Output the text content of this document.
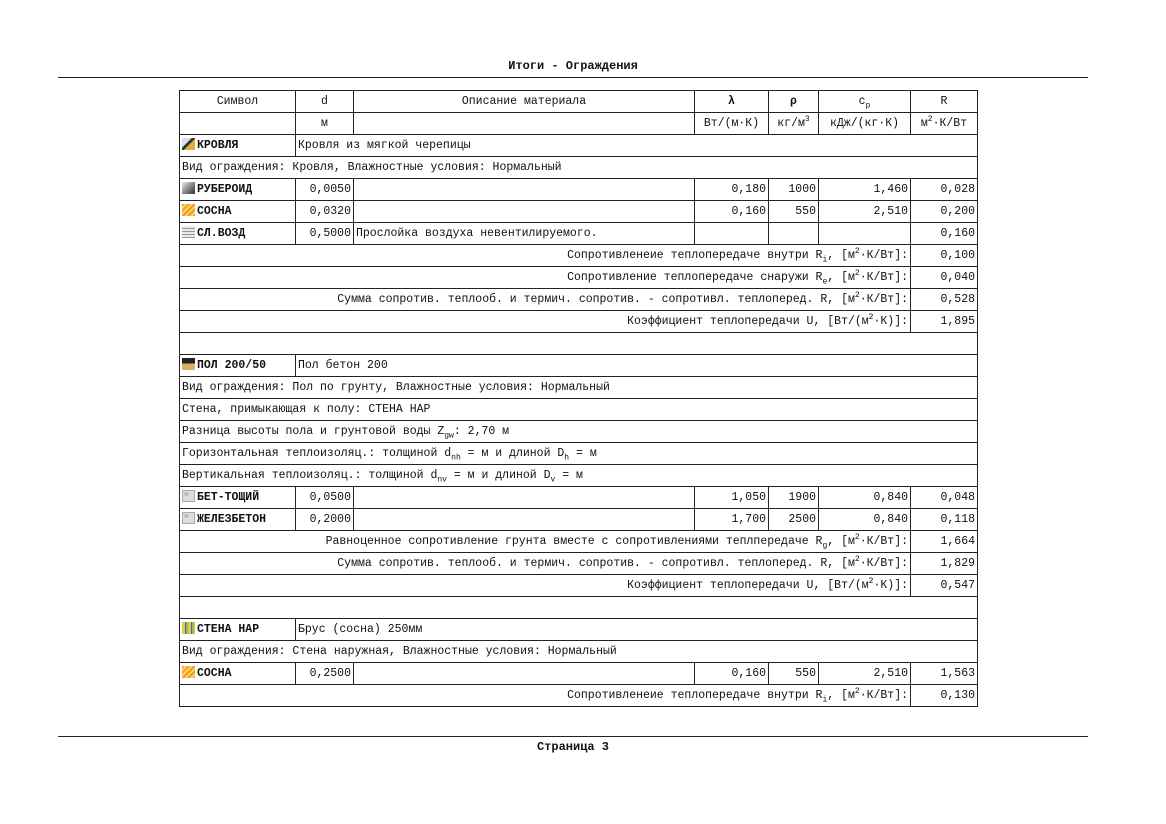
Итоги - Ограждения
Символ	d	Описание материала	λ	ρ	$c_p$	R
	м		Вт/(м·К)	$кг/м^3$	кДж/(кг·К)	$м^2\cdot К/Вт$
КРОВЛЯ	Кровля из мягкой черепицы					
Вид ограждения: Кровля, Влажностные условия: Нормальный						
РУБЕРОИД	0,0050		0,180	1000	1,460	0,028
СОСНА	0,0320		0,160	550	2,510	0,200
СЛ.ВОЗД	0,5000	Прослойка воздуха невентилируемого.				0,160
Сопротивленеие теплопередаче внутри $R_i$, $[м^2\cdot К/Вт]$:						0,100
Сопротивление теплопередаче снаружи $R_e$, $[м^2\cdot К/Вт]$:						0,040
Сумма сопротив. теплооб. и термич. сопротив. - сопротивл. теплоперед. R, $[м^2\cdot К/Вт]$:						0,528
Коэффициент теплопередачи U, $[Вт/(м^2\cdot К)]$:						1,895

ПОЛ 200/50	Пол бетон 200					
Вид ограждения: Пол по грунту, Влажностные условия: Нормальный						
Стена, примыкающая к полу: СТЕНА НАР						
Разница высоты пола и грунтовой воды $Z_{gw}$: 2,70 м						
Горизонтальная теплоизоляц.: толщиной $d_{nh} = м$ и длиной $D_h = м$						
Вертикальная теплоизоляц.: толщиной $d_{nv} = м$ и длиной $D_v = м$						
БЕТ-ТОЩИЙ	0,0500		1,050	1900	0,840	0,048
ЖЕЛЕЗБЕТОН	0,2000		1,700	2500	0,840	0,118
Равноценное сопротивление грунта вместе с сопротивлениями теплпередаче $R_g$, $[м^2\cdot К/Вт]$:						1,664
Сумма сопротив. теплооб. и термич. сопротив. - сопротивл. теплоперед. R, $[м^2\cdot К/Вт]$:						1,829
Коэффициент теплопередачи U, $[Вт/(м^2\cdot К)]$:						0,547

СТЕНА НАР	Брус (сосна) 250мм					
Вид ограждения: Стена наружная, Влажностные условия: Нормальный						
СОСНА	0,2500		0,160	550	2,510	1,563
Сопротивленеие теплопередаче внутри $R_i$, $[м^2\cdot К/Вт]$:						0,130
Страница 3
